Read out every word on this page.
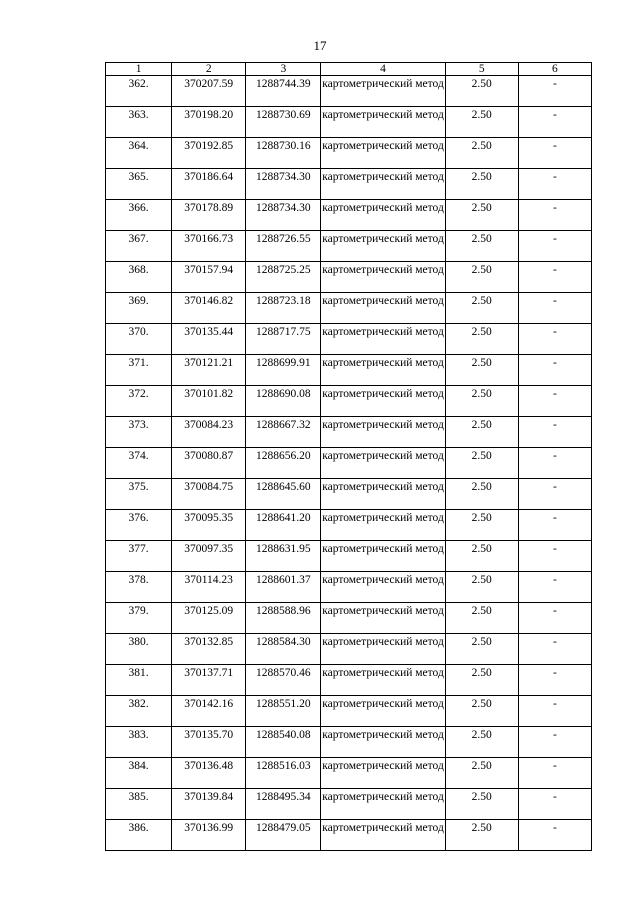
17
1	2	3	4	5	6
362.	370207.59	1288744.39	картометрический метод	2.50	-
363.	370198.20	1288730.69	картометрический метод	2.50	-
364.	370192.85	1288730.16	картометрический метод	2.50	-
365.	370186.64	1288734.30	картометрический метод	2.50	-
366.	370178.89	1288734.30	картометрический метод	2.50	-
367.	370166.73	1288726.55	картометрический метод	2.50	-
368.	370157.94	1288725.25	картометрический метод	2.50	-
369.	370146.82	1288723.18	картометрический метод	2.50	-
370.	370135.44	1288717.75	картометрический метод	2.50	-
371.	370121.21	1288699.91	картометрический метод	2.50	-
372.	370101.82	1288690.08	картометрический метод	2.50	-
373.	370084.23	1288667.32	картометрический метод	2.50	-
374.	370080.87	1288656.20	картометрический метод	2.50	-
375.	370084.75	1288645.60	картометрический метод	2.50	-
376.	370095.35	1288641.20	картометрический метод	2.50	-
377.	370097.35	1288631.95	картометрический метод	2.50	-
378.	370114.23	1288601.37	картометрический метод	2.50	-
379.	370125.09	1288588.96	картометрический метод	2.50	-
380.	370132.85	1288584.30	картометрический метод	2.50	-
381.	370137.71	1288570.46	картометрический метод	2.50	-
382.	370142.16	1288551.20	картометрический метод	2.50	-
383.	370135.70	1288540.08	картометрический метод	2.50	-
384.	370136.48	1288516.03	картометрический метод	2.50	-
385.	370139.84	1288495.34	картометрический метод	2.50	-
386.	370136.99	1288479.05	картометрический метод	2.50	-
